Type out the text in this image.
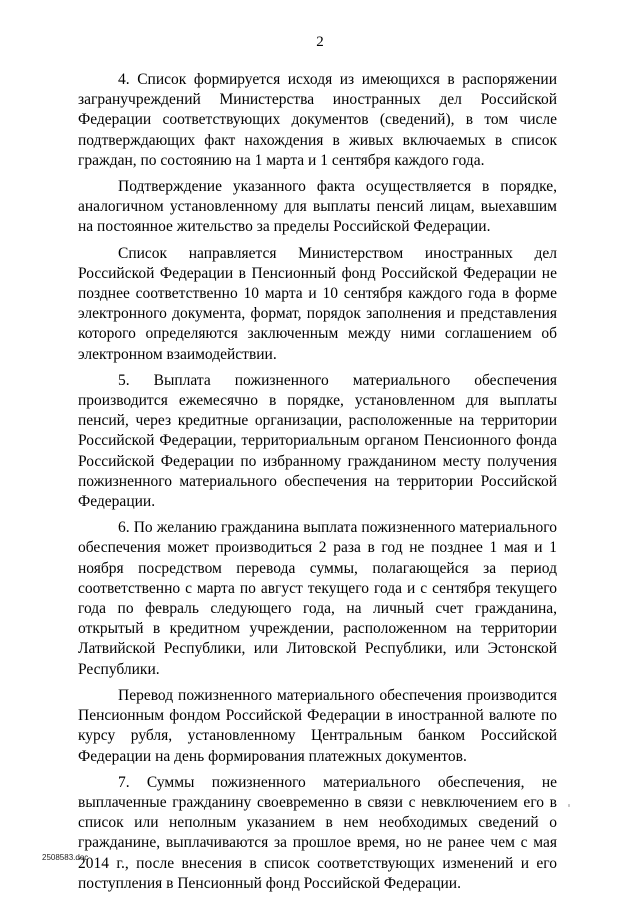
2

4. Список формируется исходя из имеющихся в распоряжении загранучреждений Министерства иностранных дел Российской Федерации соответствующих документов (сведений), в том числе подтверждающих факт нахождения в живых включаемых в список граждан, по состоянию на 1 марта и 1 сентября каждого года.

Подтверждение указанного факта осуществляется в порядке, аналогичном установленному для выплаты пенсий лицам, выехавшим на постоянное жительство за пределы Российской Федерации.

Список направляется Министерством иностранных дел Российской Федерации в Пенсионный фонд Российской Федерации не позднее соответственно 10 марта и 10 сентября каждого года в форме электронного документа, формат, порядок заполнения и представления которого определяются заключенным между ними соглашением об электронном взаимодействии.

5. Выплата пожизненного материального обеспечения производится ежемесячно в порядке, установленном для выплаты пенсий, через кредитные организации, расположенные на территории Российской Федерации, территориальным органом Пенсионного фонда Российской Федерации по избранному гражданином месту получения пожизненного материального обеспечения на территории Российской Федерации.

6. По желанию гражданина выплата пожизненного материального обеспечения может производиться 2 раза в год не позднее 1 мая и 1 ноября посредством перевода суммы, полагающейся за период соответственно с марта по август текущего года и с сентября текущего года по февраль следующего года, на личный счет гражданина, открытый в кредитном учреждении, расположенном на территории Латвийской Республики, или Литовской Республики, или Эстонской Республики.

Перевод пожизненного материального обеспечения производится Пенсионным фондом Российской Федерации в иностранной валюте по курсу рубля, установленному Центральным банком Российской Федерации на день формирования платежных документов.

7. Суммы пожизненного материального обеспечения, не выплаченные гражданину своевременно в связи с невключением его в список или неполным указанием в нем необходимых сведений о гражданине, выплачиваются за прошлое время, но не ранее чем с мая 2014 г., после внесения в список соответствующих изменений и его поступления в Пенсионный фонд Российской Федерации.

2508583.doc
